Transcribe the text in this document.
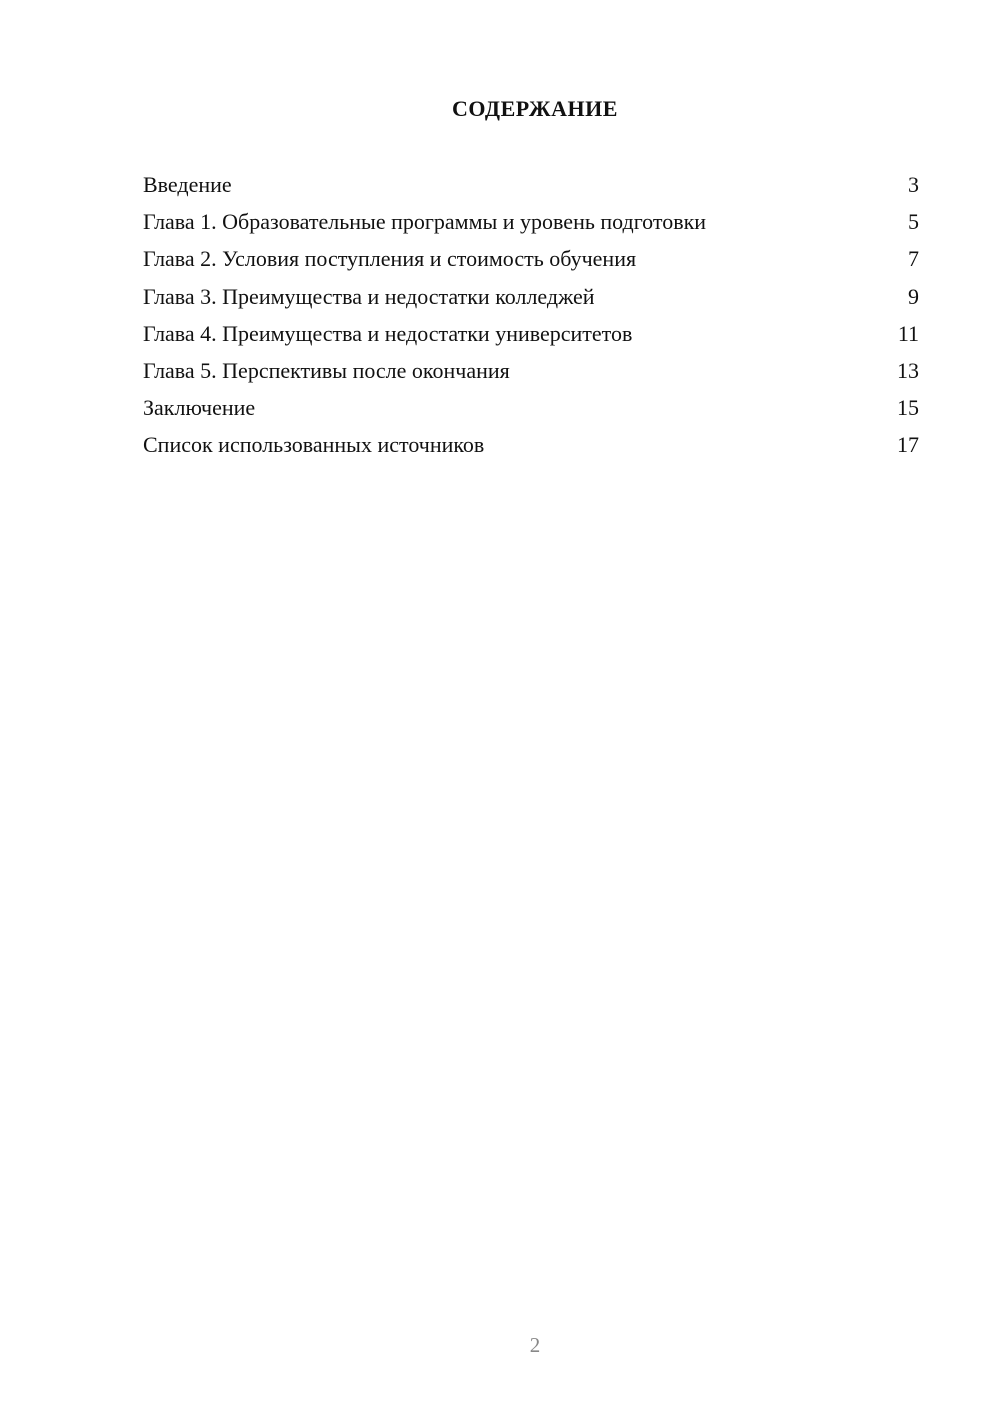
СОДЕРЖАНИЕ
Введение	3
Глава 1. Образовательные программы и уровень подготовки	5
Глава 2. Условия поступления и стоимость обучения	7
Глава 3. Преимущества и недостатки колледжей	9
Глава 4. Преимущества и недостатки университетов	11
Глава 5. Перспективы после окончания	13
Заключение	15
Список использованных источников	17
2
